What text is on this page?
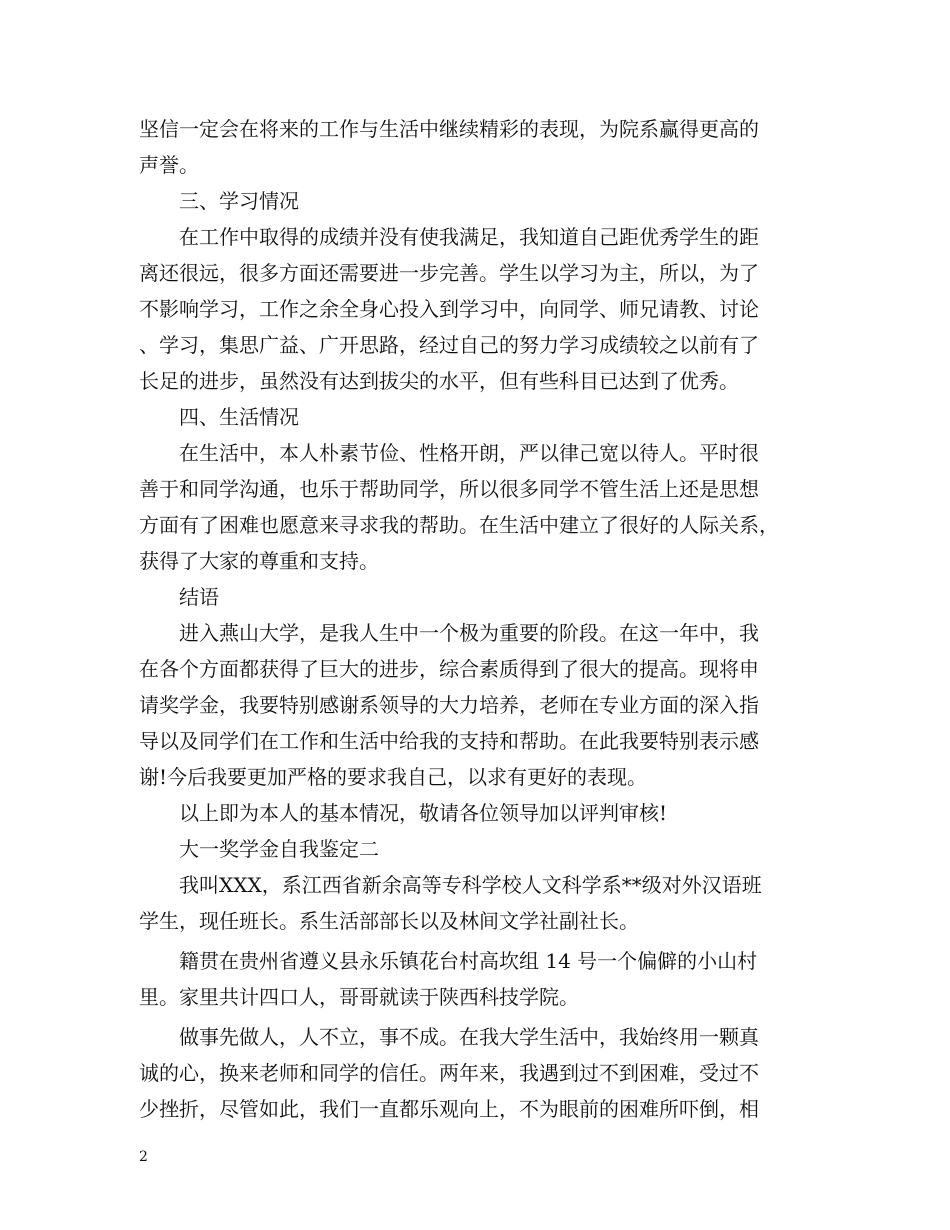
坚信一定会在将来的工作与生活中继续精彩的表现，为院系赢得更高的

声誉。

三、学习情况

在工作中取得的成绩并没有使我满足，我知道自己距优秀学生的距

离还很远，很多方面还需要进一步完善。学生以学习为主，所以，为了

不影响学习，工作之余全身心投入到学习中，向同学、师兄请教、讨论

、学习，集思广益、广开思路，经过自己的努力学习成绩较之以前有了

长足的进步，虽然没有达到拔尖的水平，但有些科目已达到了优秀。

四、生活情况

在生活中，本人朴素节俭、性格开朗，严以律己宽以待人。平时很

善于和同学沟通，也乐于帮助同学，所以很多同学不管生活上还是思想

方面有了困难也愿意来寻求我的帮助。在生活中建立了很好的人际关系，

获得了大家的尊重和支持。

结语

进入燕山大学，是我人生中一个极为重要的阶段。在这一年中，我

在各个方面都获得了巨大的进步，综合素质得到了很大的提高。现将申

请奖学金，我要特别感谢系领导的大力培养，老师在专业方面的深入指

导以及同学们在工作和生活中给我的支持和帮助。在此我要特别表示感

谢!今后我要更加严格的要求我自己，以求有更好的表现。

以上即为本人的基本情况，敬请各位领导加以评判审核!

大一奖学金自我鉴定二

我叫XXX，系江西省新余高等专科学校人文科学系**级对外汉语班

学生，现任班长。系生活部部长以及林间文学社副社长。

籍贯在贵州省遵义县永乐镇花台村高坎组 14 号一个偏僻的小山村

里。家里共计四口人，哥哥就读于陕西科技学院。

做事先做人，人不立，事不成。在我大学生活中，我始终用一颗真

诚的心，换来老师和同学的信任。两年来，我遇到过不到困难，受过不

少挫折，尽管如此，我们一直都乐观向上，不为眼前的困难所吓倒，相

2
